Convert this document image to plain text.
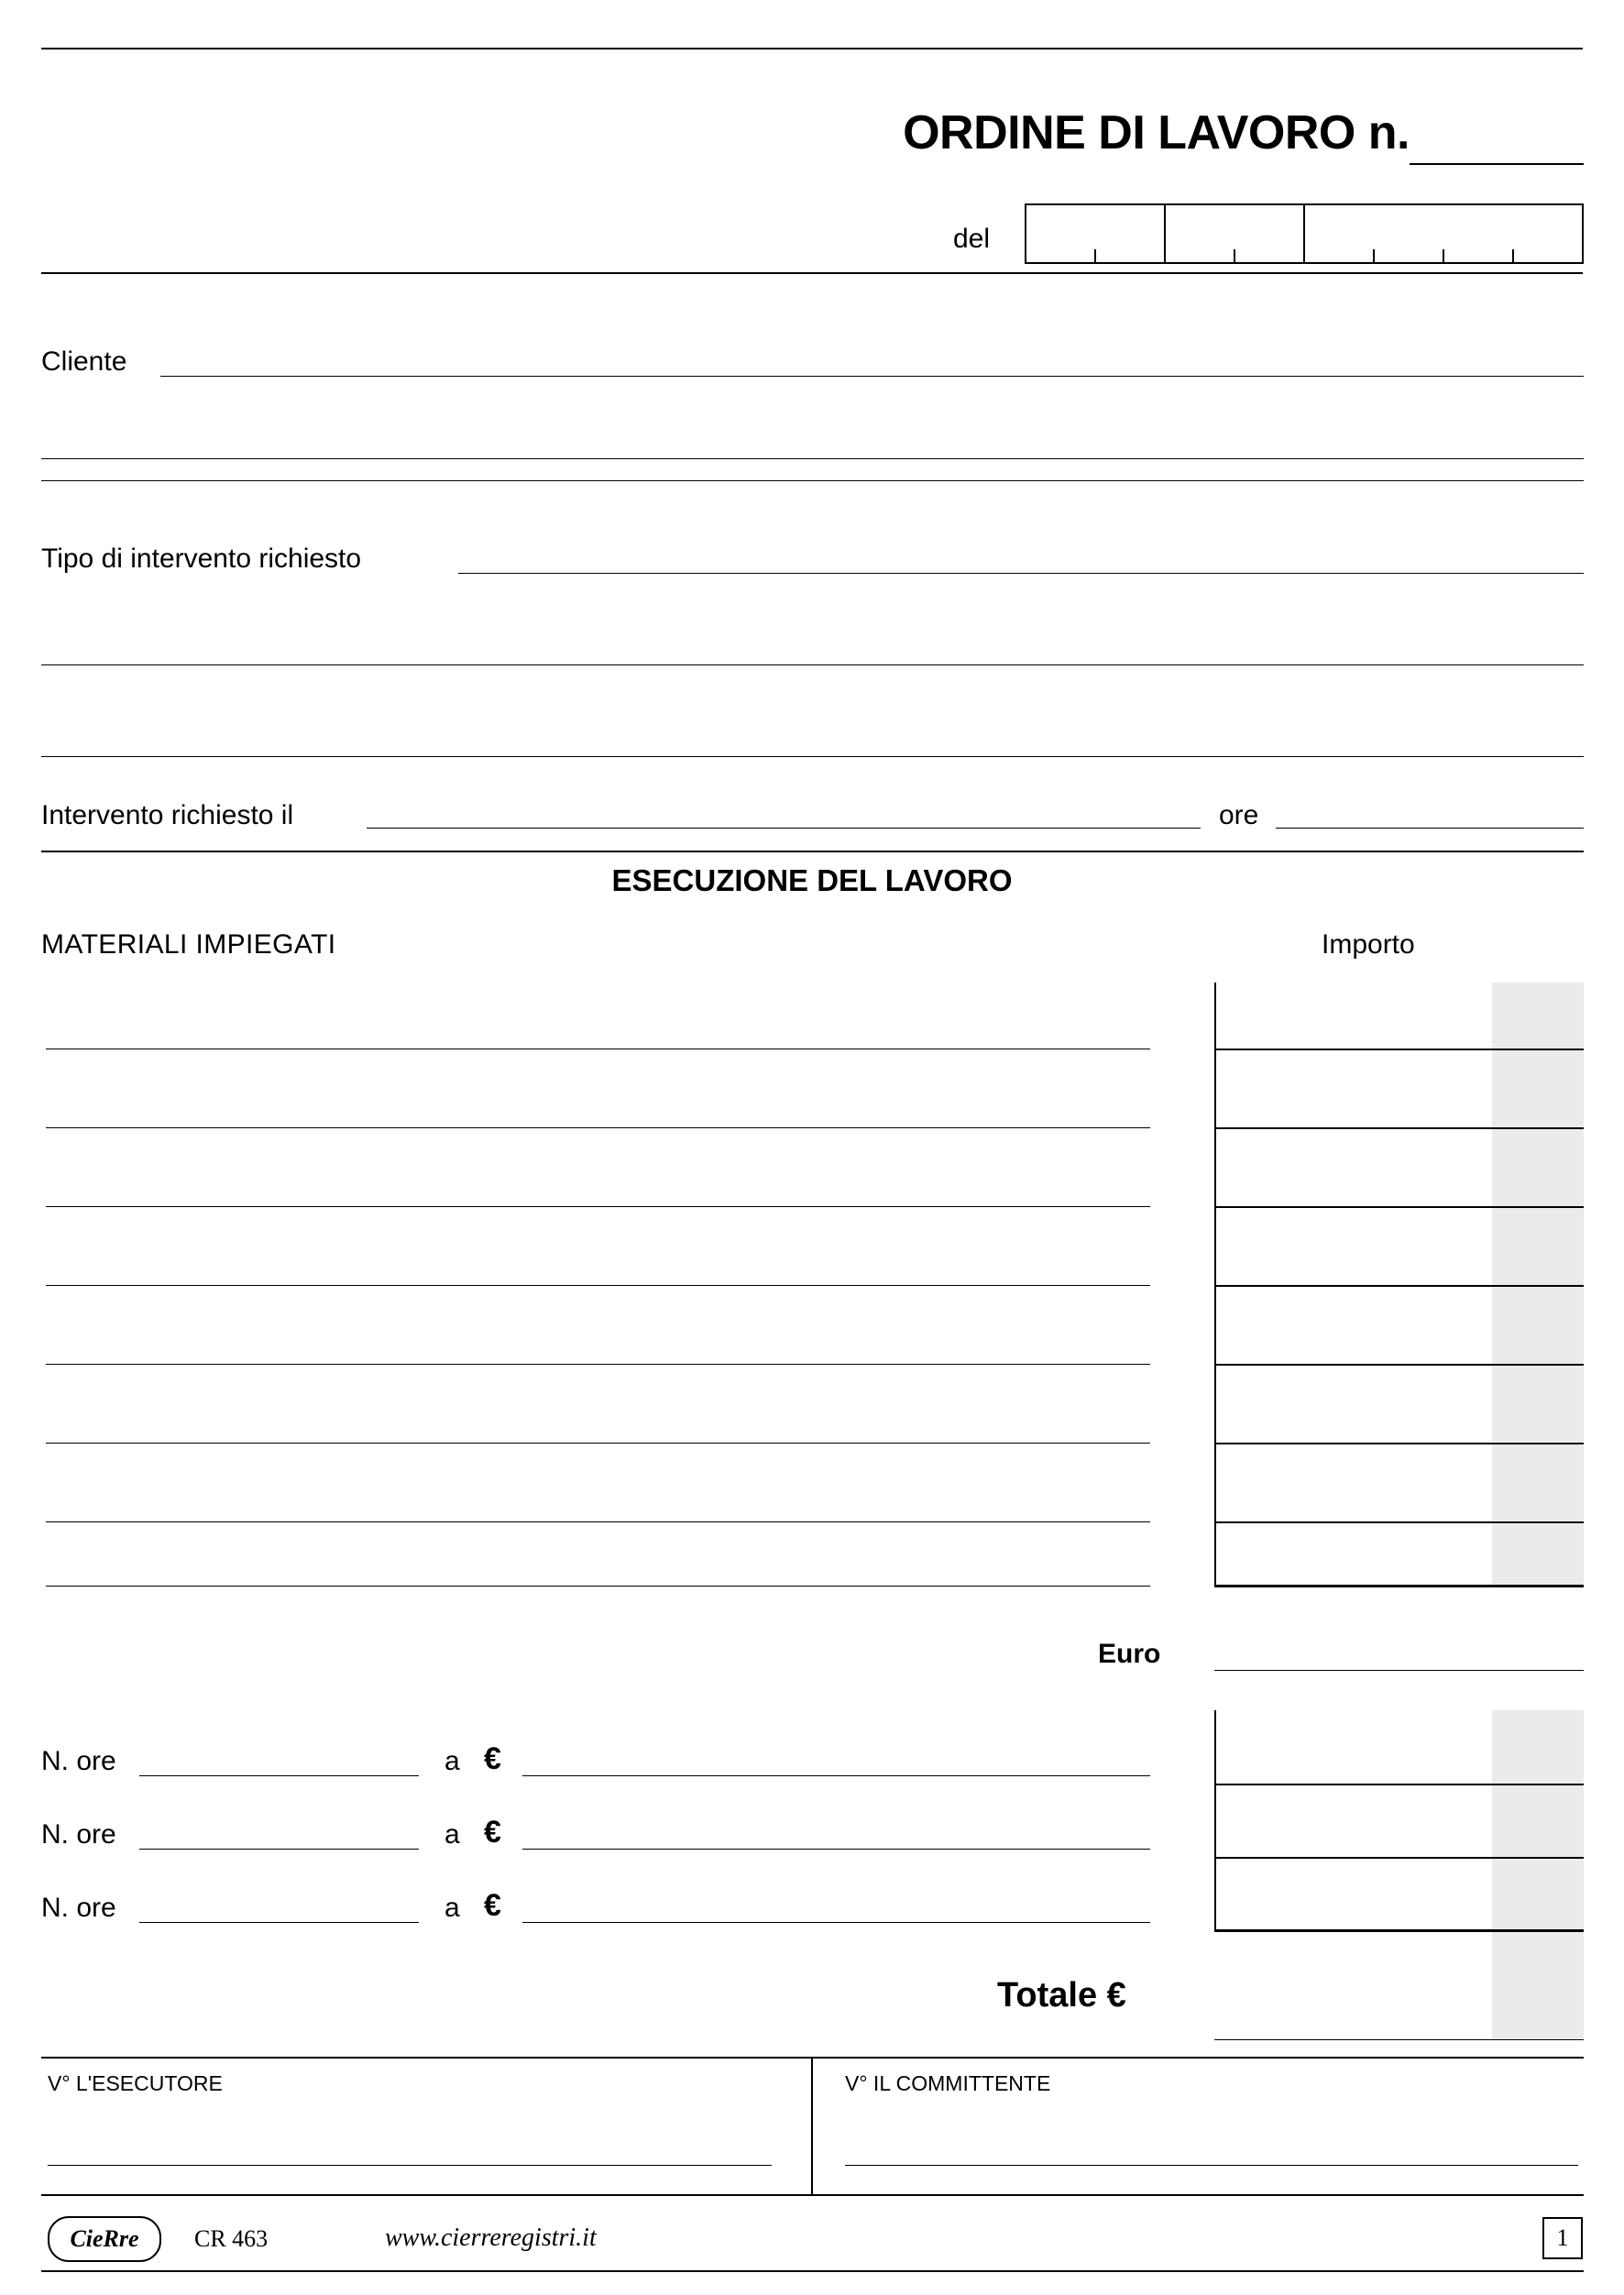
ORDINE DI LAVORO n.
del
Cliente
Tipo di intervento richiesto
Intervento richiesto il	ore
ESECUZIONE DEL LAVORO
MATERIALI IMPIEGATI	Importo
Euro
N. ore	a €
N. ore	a €
N. ore	a €
Totale €
V° L'ESECUTORE	V° IL COMMITTENTE
CieRre	CR 463	www.cierreregistri.it	1
